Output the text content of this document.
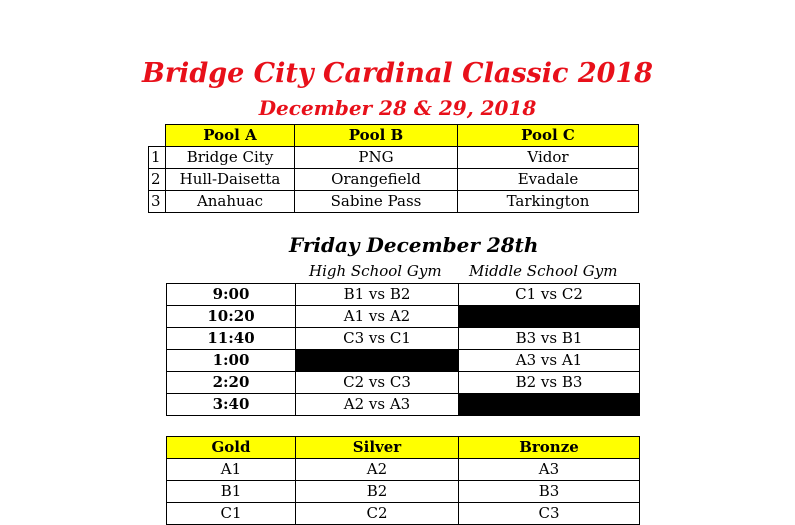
Bridge City Cardinal Classic 2018
December 28 & 29, 2018
	Pool A	Pool B	Pool C
1	Bridge City	PNG	Vidor
2	Hull-Daisetta	Orangefield	Evadale
3	Anahuac	Sabine Pass	Tarkington
Friday December 28th
High School Gym Middle School Gym
9:00	B1 vs B2	C1 vs C2
10:20	A1 vs A2	
11:40	C3 vs C1	B3 vs B1
1:00		A3 vs A1
2:20	C2 vs C3	B2 vs B3
3:40	A2 vs A3	
Gold	Silver	Bronze
A1	A2	A3
B1	B2	B3
C1	C2	C3
